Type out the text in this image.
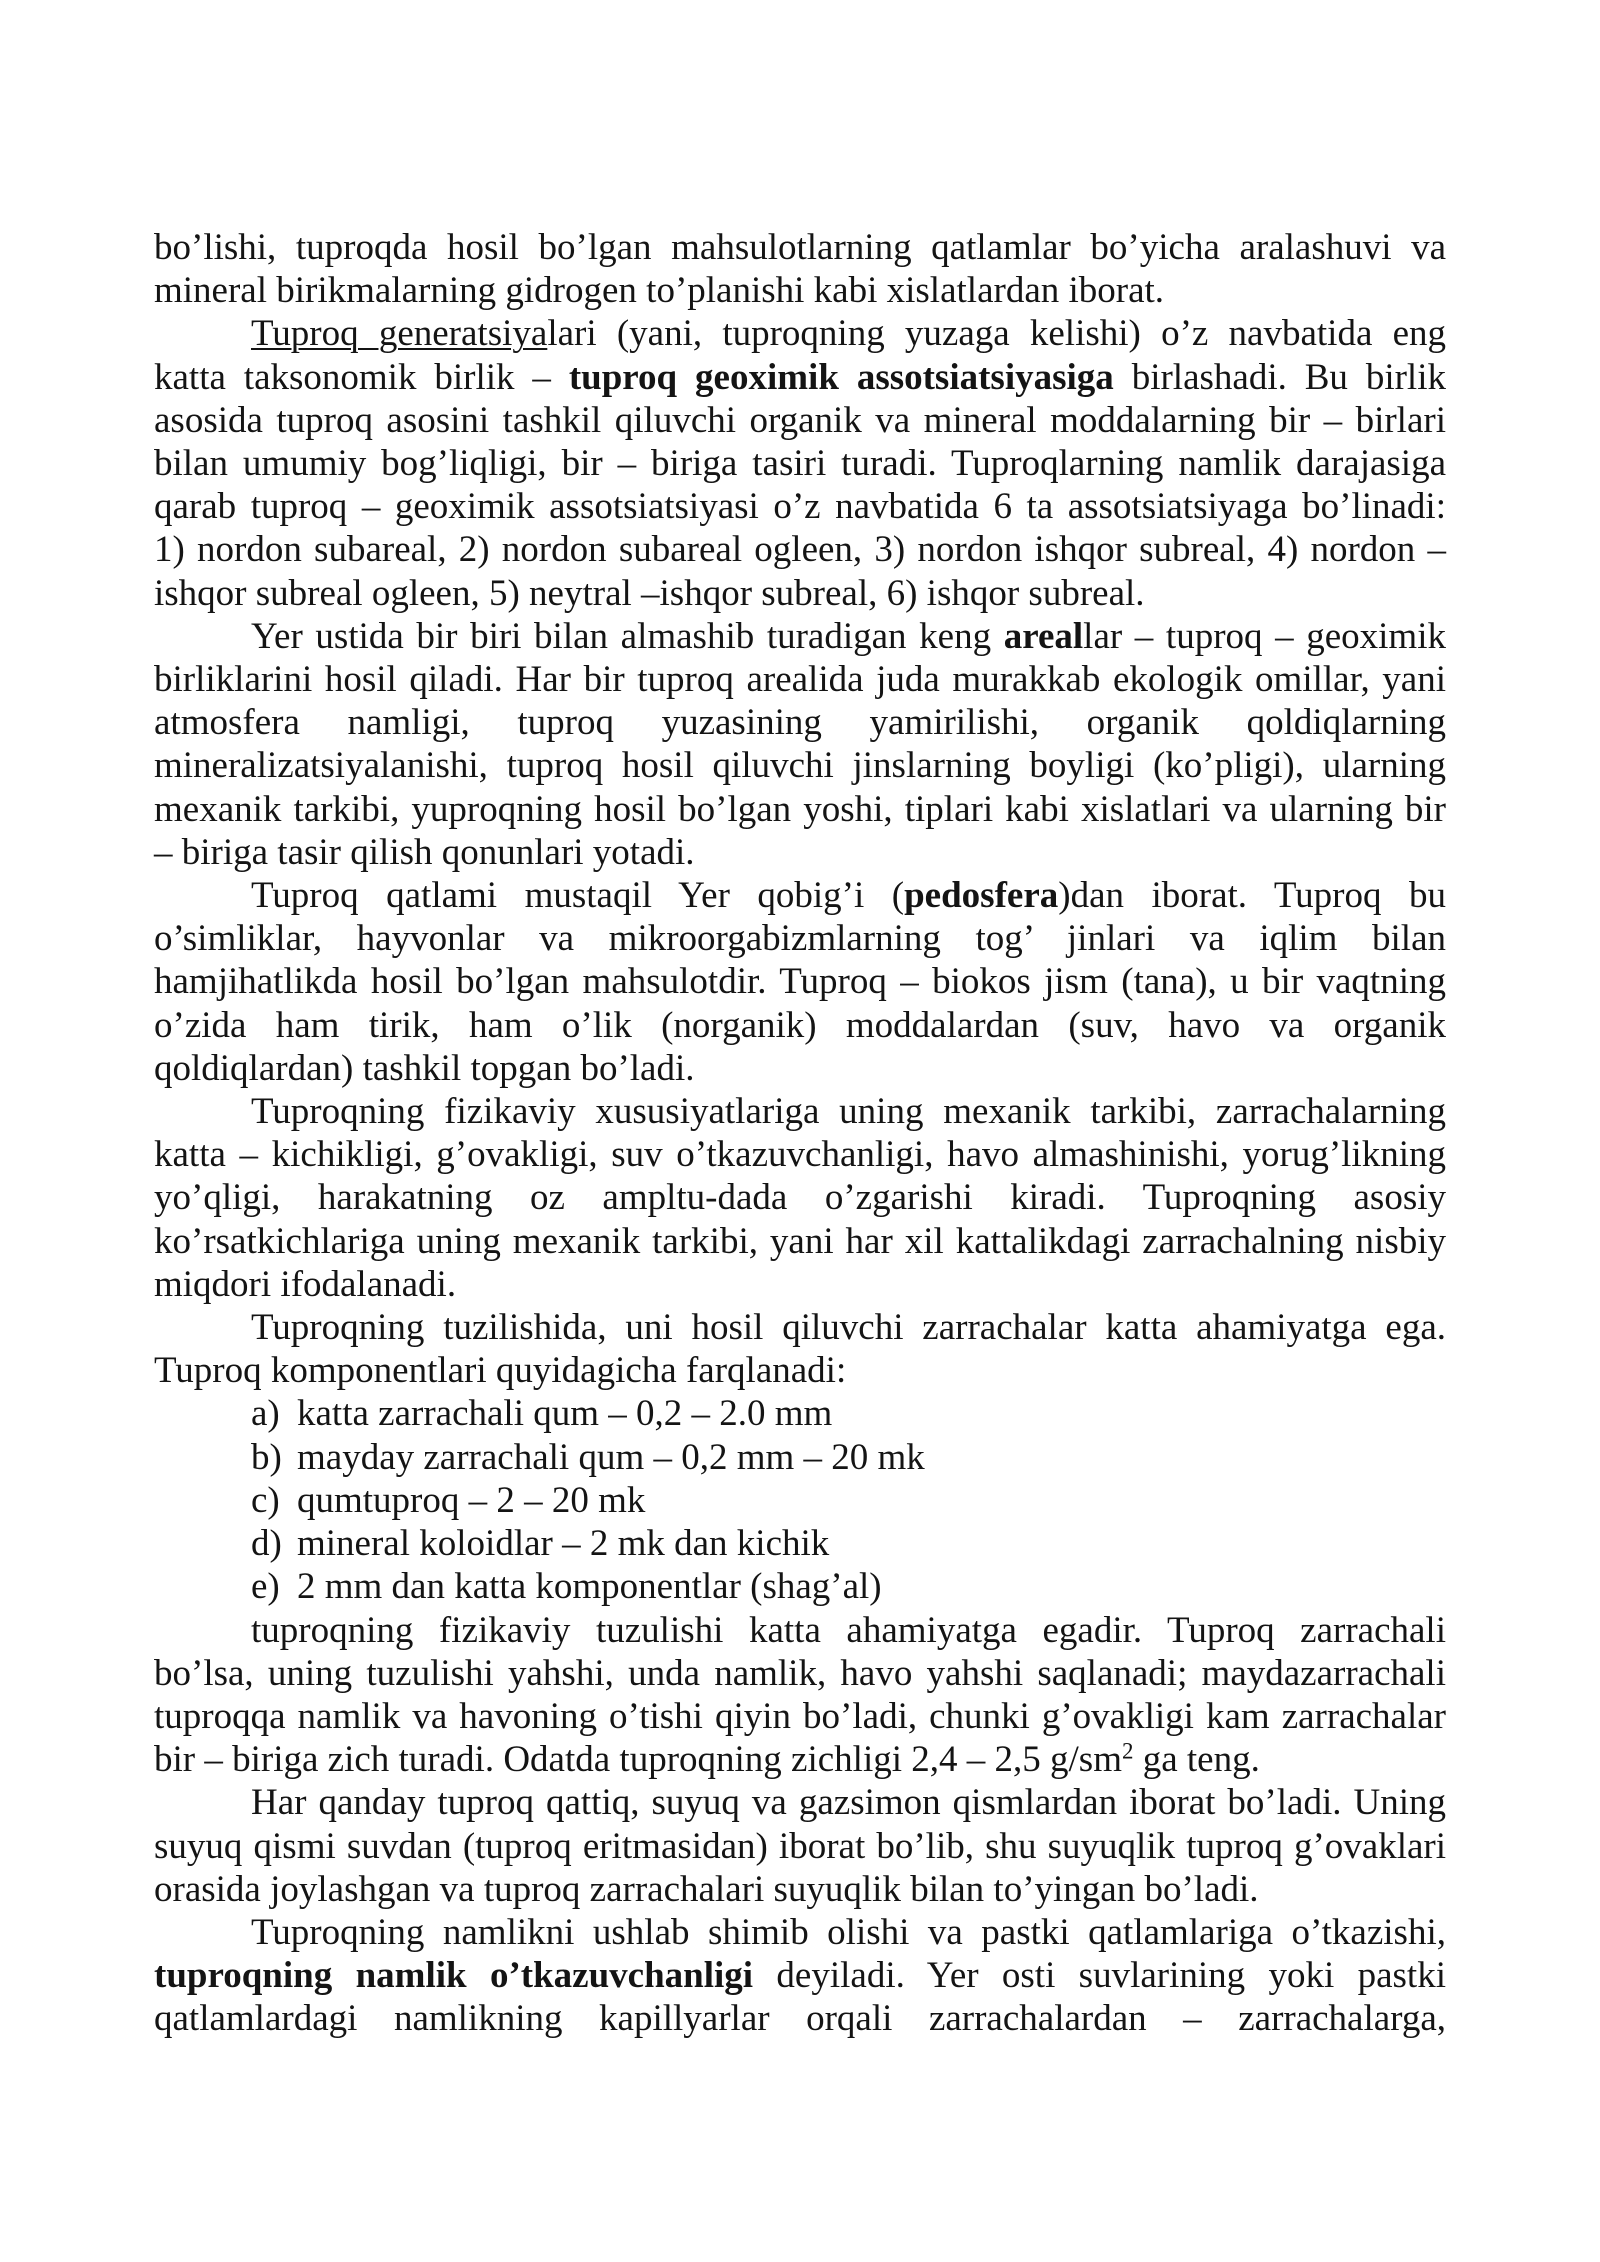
bo’lishi, tuproqda hosil bo’lgan mahsulotlarning qatlamlar bo’yicha aralashuvi va
mineral birikmalarning gidrogen to’planishi kabi xislatlardan iborat.
Tuproq generatsiyalari (yani, tuproqning yuzaga kelishi) o’z navbatida eng
katta taksonomik birlik – tuproq geoximik assotsiatsiyasiga birlashadi. Bu birlik
asosida tuproq asosini tashkil qiluvchi organik va mineral moddalarning bir – birlari
bilan umumiy bog’liqligi, bir – biriga tasiri turadi. Tuproqlarning namlik darajasiga
qarab tuproq – geoximik assotsiatsiyasi o’z navbatida 6 ta assotsiatsiyaga bo’linadi:
1) nordon subareal, 2) nordon subareal ogleen, 3) nordon ishqor subreal, 4) nordon –
ishqor subreal ogleen, 5) neytral –ishqor subreal, 6) ishqor subreal.
Yer ustida bir biri bilan almashib turadigan keng areallar – tuproq – geoximik
birliklarini hosil qiladi. Har bir tuproq arealida juda murakkab ekologik omillar, yani
atmosfera namligi, tuproq yuzasining yamirilishi, organik qoldiqlarning
mineralizatsiyalanishi, tuproq hosil qiluvchi jinslarning boyligi (ko’pligi), ularning
mexanik tarkibi, yuproqning hosil bo’lgan yoshi, tiplari kabi xislatlari va ularning bir
– biriga tasir qilish qonunlari yotadi.
Tuproq qatlami mustaqil Yer qobig’i (pedosfera)dan iborat. Tuproq bu
o’simliklar, hayvonlar va mikroorgabizmlarning tog’ jinlari va iqlim bilan
hamjihatlikda hosil bo’lgan mahsulotdir. Tuproq – biokos jism (tana), u bir vaqtning
o’zida ham tirik, ham o’lik (norganik) moddalardan (suv, havo va organik
qoldiqlardan) tashkil topgan bo’ladi.
Tuproqning fizikaviy xususiyatlariga uning mexanik tarkibi, zarrachalarning
katta – kichikligi, g’ovakligi, suv o’tkazuvchanligi, havo almashinishi, yorug’likning
yo’qligi, harakatning oz ampltu-dada o’zgarishi kiradi. Tuproqning asosiy
ko’rsatkichlariga uning mexanik tarkibi, yani har xil kattalikdagi zarrachalning nisbiy
miqdori ifodalanadi.
Tuproqning tuzilishida, uni hosil qiluvchi zarrachalar katta ahamiyatga ega.
Tuproq komponentlari quyidagicha farqlanadi:
a) katta zarrachali qum – 0,2 – 2.0 mm
b) mayday zarrachali qum – 0,2 mm – 20 mk
c) qumtuproq – 2 – 20 mk
d) mineral koloidlar – 2 mk dan kichik
e) 2 mm dan katta komponentlar (shag’al)
tuproqning fizikaviy tuzulishi katta ahamiyatga egadir. Tuproq zarrachali
bo’lsa, uning tuzulishi yahshi, unda namlik, havo yahshi saqlanadi; maydazarrachali
tuproqqa namlik va havoning o’tishi qiyin bo’ladi, chunki g’ovakligi kam zarrachalar
bir – biriga zich turadi. Odatda tuproqning zichligi 2,4 – 2,5 $g/sm^2$ ga teng.
Har qanday tuproq qattiq, suyuq va gazsimon qismlardan iborat bo’ladi. Uning
suyuq qismi suvdan (tuproq eritmasidan) iborat bo’lib, shu suyuqlik tuproq g’ovaklari
orasida joylashgan va tuproq zarrachalari suyuqlik bilan to’yingan bo’ladi.
Tuproqning namlikni ushlab shimib olishi va pastki qatlamlariga o’tkazishi,
tuproqning namlik o’tkazuvchanligi deyiladi. Yer osti suvlarining yoki pastki
qatlamlardagi namlikning kapillyarlar orqali zarrachalardan – zarrachalarga,
